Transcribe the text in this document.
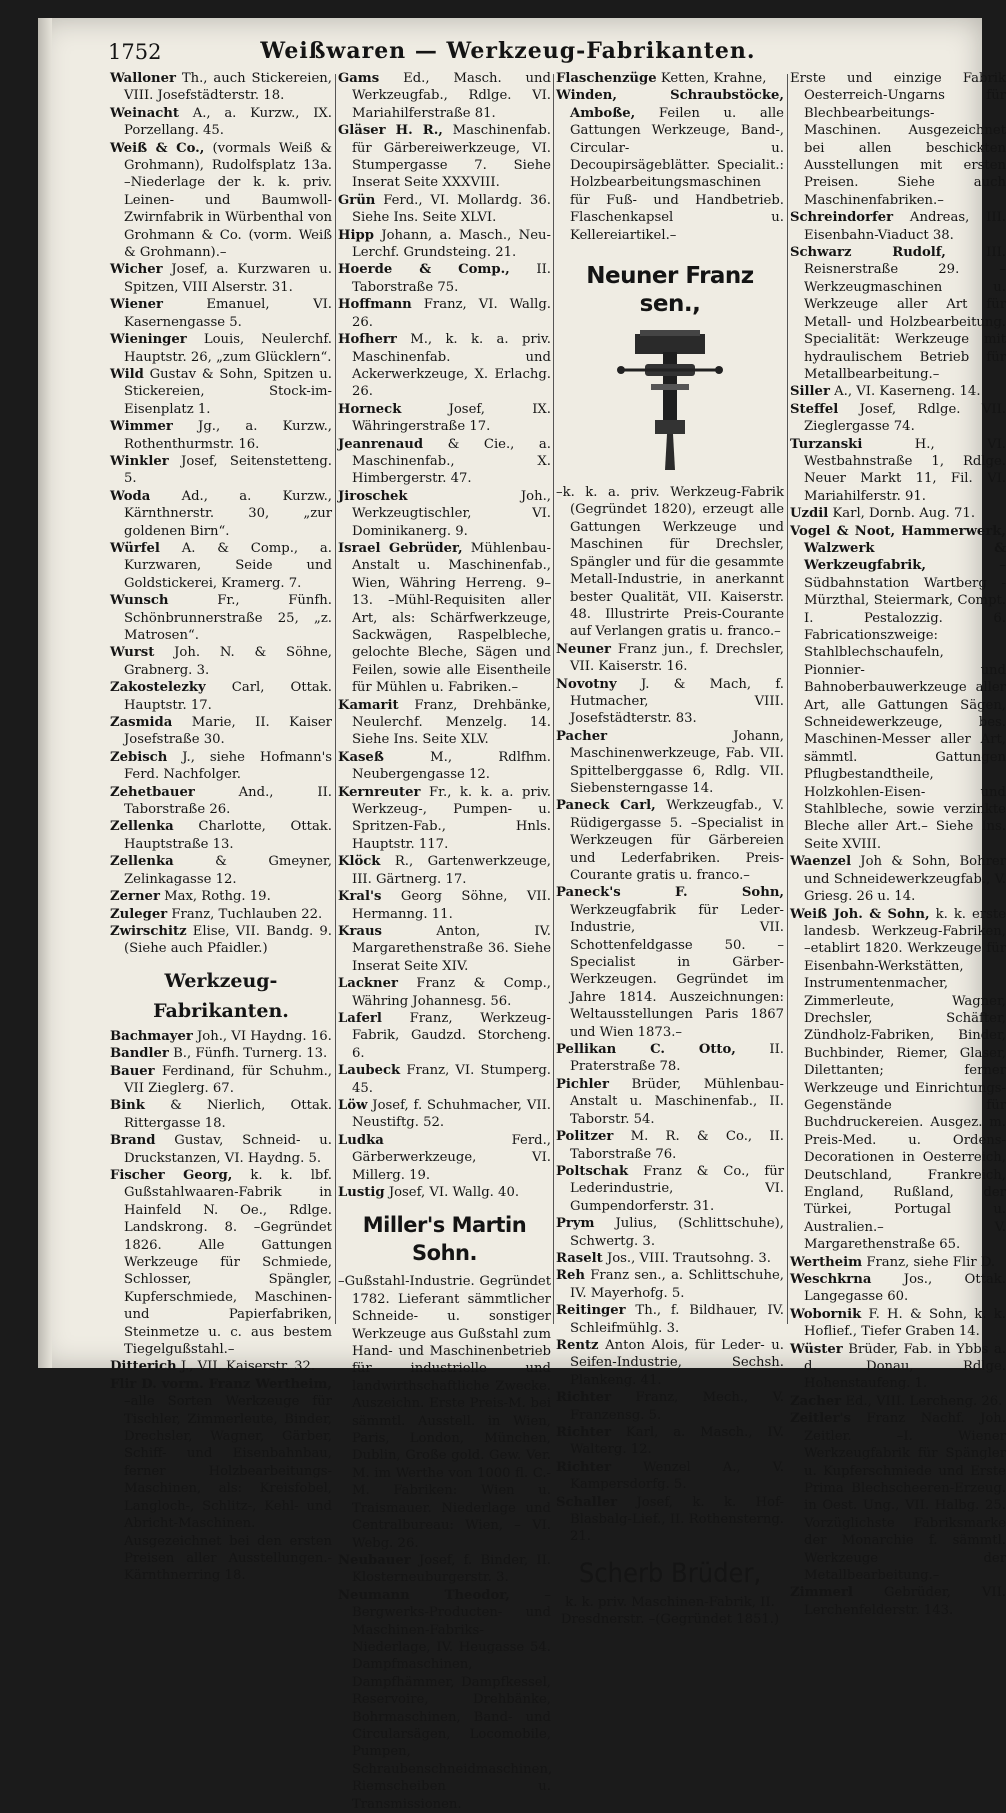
1752	Weißwaren — Werkzeug-Fabrikanten.

Walloner Th., auch Stickereien, VIII. Josefstädterstr. 18.

Weinacht A., a. Kurzw., IX. Porzellang. 45.

Weiß & Co., (vormals Weiß & Grohmann), Rudolfsplatz 13a. –Niederlage der k. k. priv. Leinen- und Baumwoll-Zwirnfabrik in Würbenthal von Grohmann & Co. (vorm. Weiß & Grohmann).–

Wicher Josef, a. Kurzwaren u. Spitzen, VIII Alserstr. 31.

Wiener	Emanuel, VI. Kasernengasse 5.

Wieninger Louis, Neulerchf. Hauptstr. 26, „zum Glücklern“.

Wild Gustav & Sohn, Spitzen u. Stickereien, Stock-im-Eisenplatz 1.

Wimmer Jg., a. Kurzw., Rothenthurmstr. 16.

Winkler Josef, Seitenstetteng. 5.

Woda Ad., a. Kurzw., Kärnthnerstr. 30, „zur goldenen Birn“.

Würfel A. & Comp., a. Kurzwaren, Seide und Goldstickerei, Kramerg. 7.

Wunsch	Fr., Fünfh. Schönbrunnerstraße 25, „z. Matrosen“.

Wurst Joh. N. & Söhne, Grabnerg. 3.

Zakostelezky Carl, Ottak. Hauptstr. 17.

Zasmida Marie, II. Kaiser Josefstraße 30.

Zebisch J., siehe Hofmann's Ferd. Nachfolger.

Zehetbauer	And., II. Taborstraße 26.

Zellenka Charlotte, Ottak. Hauptstraße 13.

Zellenka	& Gmeyner, Zelinkagasse 12.

Zerner Max, Rothg. 19.

Zuleger Franz, Tuchlauben 22.

Zwirschitz Elise, VII. Bandg. 9. (Siehe auch Pfaidler.)

Werkzeug-
Fabrikanten.

Bachmayer Joh., VI Haydng. 16.

Bandler B., Fünfh. Turnerg. 13.

Bauer Ferdinand, für Schuhm., VII Zieglerg. 67.

Bink & Nierlich, Ottak. Rittergasse 18.

Brand Gustav, Schneid- u. Druckstanzen, VI. Haydng. 5.

Fischer Georg, k. k. lbf. Gußstahlwaaren-Fabrik in Hainfeld N. Oe., Rdlge. Landskrong. 8. –Gegründet 1826. Alle Gattungen Werkzeuge für Schmiede, Schlosser, Spängler, Kupferschmiede, Maschinen- und Papierfabriken, Steinmetze u. c. aus bestem Tiegelgußstahl.–

Ditterich J., VII. Kaiserstr. 32.

Flir D. vorm. Franz Wertheim, –alle Sorten Werkzeuge für Tischler, Zimmerleute, Binder, Drechsler, Wagner, Gärber, Schiff- und Eisenbahnbau, ferner Holzbearbeitungs-Maschinen, als: Kreisfobel, Langloch-, Schlitz-, Kehl- und Abricht-Maschinen. Ausgezeichnet bei den ersten Preisen aller Ausstellungen.-Kärnthnerring 18.

Gams Ed., Masch. und Werkzeugfab., Rdlge. VI. Mariahilferstraße 81.

Gläser H. R., Maschinenfab. für Gärbereiwerkzeuge, VI. Stumpergasse 7. Siehe Inserat Seite XXXVIII.

Grün Ferd., VI. Mollardg. 36. Siehe Ins. Seite XLVI.

Hipp Johann, a. Masch., Neu-Lerchf. Grundsteing. 21.

Hoerde & Comp., II. Taborstraße 75.

Hoffmann Franz, VI. Wallg. 26.

Hofherr M., k. k. a. priv. Maschinenfab. und Ackerwerkzeuge, X. Erlachg. 26.

Horneck	Josef, IX. Währingerstraße 17.

Jeanrenaud & Cie., a. Maschinenfab., X. Himbergerstr. 47.

Jiroschek	Joh., Werkzeugtischler, VI. Dominikanerg. 9.

Israel Gebrüder, Mühlenbau-Anstalt u. Maschinenfab., Wien, Währing Herreng. 9–13. –Mühl-Requisiten aller Art, als: Schärfwerkzeuge, Sackwägen, Raspelbleche, gelochte Bleche, Sägen und Feilen, sowie alle Eisentheile für Mühlen u. Fabriken.–

Kamarit Franz, Drehbänke, Neulerchf. Menzelg. 14. Siehe Ins. Seite XLV.

Kaseß	M., Rdlfhm. Neubergengasse 12.

Kernreuter Fr., k. k. a. priv. Werkzeug-, Pumpen- u. Spritzen-Fab., Hnls. Hauptstr. 117.

Klöck R., Gartenwerkzeuge, III. Gärtnerg. 17.

Kral's Georg Söhne, VII. Hermanng. 11.

Kraus	Anton, IV. Margarethenstraße 36. Siehe Inserat Seite XIV.

Lackner Franz & Comp., Währing Johannesg. 56.

Laferl Franz, Werkzeug-Fabrik, Gaudzd. Storcheng. 6.

Laubeck Franz, VI. Stumperg. 45.

Löw Josef, f. Schuhmacher, VII. Neustiftg. 52.

Ludka	Ferd., Gärberwerkzeuge, VI. Millerg. 19.

Lustig Josef, VI. Wallg. 40.

Miller's Martin Sohn.

–Gußstahl-Industrie. Gegründet 1782. Lieferant sämmtlicher Schneide- u. sonstiger Werkzeuge aus Gußstahl zum Hand- und Maschinenbetrieb für industrielle und landwirthschaftliche Zwecke. Auszeichn. Erste Preis-M. bei sämmtl. Ausstell. in Wien, Paris, London, München, Dublin, Große gold. Gew. Ver. M. im Werthe von 1000 fl. C.-M. Fabriken: Wien u. Traismauer. Niederlage und Centralbureau: Wien, – VI. Webg. 26.

Neubauer Josef, f. Binder, II. Klosterneuburgerstr. 3.

Neumann Theodor,	–Bergwerks-Producten- und Maschinen-Fabriks-Niederlage, IV. Heugasse 54. Dampfmaschinen, Dampfhämmer, Dampfkessel, Reservoire, Drehbänke, Bohrmaschinen, Band- und Circularsägen, Locomobile, Pumpen, Schraubenschneidmaschinen, Riemscheiben u. Transmissionen.

Flaschenzüge Ketten, Krahne,

Winden, Schraubstöcke, Amboße, Feilen u. alle Gattungen Werkzeuge, Band-, Circular- u. Decoupirsägeblätter. Specialit.: Holzbearbeitungsmaschinen für Fuß- und Handbetrieb. Flaschenkapsel u. Kellereiartikel.–

Neuner Franz sen.,

–k. k. a. priv. Werkzeug-Fabrik (Gegründet 1820), erzeugt alle Gattungen Werkzeuge und Maschinen für Drechsler, Spängler und für die gesammte Metall-Industrie, in anerkannt bester Qualität, VII. Kaiserstr. 48. Illustrirte Preis-Courante auf Verlangen gratis u. franco.–

Neuner Franz jun., f. Drechsler, VII. Kaiserstr. 16.

Novotny J. & Mach, f. Hutmacher, VIII. Josefstädterstr. 83.

Pacher	Johann, Maschinenwerkzeuge, Fab. VII. Spittelberggasse 6, Rdlg. VII. Siebensterngasse 14.

Paneck Carl, Werkzeugfab., V. Rüdigergasse 5. –Specialist in Werkzeugen für Gärbereien und Lederfabriken. Preis-Courante gratis u. franco.–

Paneck's F. Sohn, Werkzeugfabrik für Leder-Industrie, VII. Schottenfeldgasse 50. –Specialist in Gärber-Werkzeugen. Gegründet im Jahre 1814. Auszeichnungen: Weltausstellungen Paris 1867 und Wien 1873.–

Pellikan C. Otto,	II. Praterstraße 78.

Pichler Brüder, Mühlenbau-Anstalt u. Maschinenfab., II. Taborstr. 54.

Politzer M. R. & Co., II. Taborstraße 76.

Poltschak Franz & Co., für Lederindustrie, VI. Gumpendorferstr. 31.

Prym Julius, (Schlittschuhe), Schwertg. 3.

Raselt Jos., VIII. Trautsohng. 3.

Reh Franz sen., a. Schlittschuhe, IV. Mayerhofg. 5.

Reitinger Th., f. Bildhauer, IV. Schleifmühlg. 3.

Rentz Anton Alois, für Leder- u. Seifen-Industrie, Sechsh. Plankeng. 41.

Richter Franz, Mech., V. Franzensg. 5.

Richter Karl, a. Masch., IV. Walterg. 12.

Richter Wenzel A., V. Kampersdorfg. 5.

Schaller Josef, k. k. Hof-Blasbalg-Lief., II. Rothensterng. 21.

Scherb Brüder,

k. k. priv. Maschinen-Fabrik, II. Dresdnerstr. –(Gegründet 1851.)

Erste und einzige Fabrik Oesterreich-Ungarns für Blechbearbeitungs-Maschinen. Ausgezeichnet bei allen beschickten Ausstellungen mit ersten Preisen. Siehe auch Maschinenfabriken.–

Schreindorfer Andreas, III. Eisenbahn-Viaduct 38.

Schwarz Rudolf,	III. Reisnerstraße 29. –Werkzeugmaschinen u. Werkzeuge aller Art für Metall- und Holzbearbeitung. Specialität: Werkzeuge mit hydraulischem Betrieb für Metallbearbeitung.–

Siller A., VI. Kaserneng. 14.

Steffel Josef, Rdlge. VII. Zieglergasse 74.

Turzanski	H., VI. Westbahnstraße 1, Rdlge. Neuer Markt 11, Fil. VI. Mariahilferstr. 91.

Uzdil Karl, Dornb. Aug. 71.

Vogel & Noot, Hammerwerk, Walzwerk & Werkzeugfabrik,	–Südbahnstation Wartberg - Mürzthal, Steiermark, Compt. I. Pestalozzig. 6. Fabricationszweige: Stahlblechschaufeln, Pionnier- und Bahnoberbauwerkzeuge aller Art, alle Gattungen Sägen, Schneidewerkzeuge, bes. Maschinen-Messer aller Art, sämmtl. Gattungen Pflugbestandtheile, Holzkohlen-Eisen- und Stahlbleche, sowie verzinkte Bleche aller Art.– Siehe Ins. Seite XVIII.

Waenzel Joh & Sohn, Bohrer und Schneidewerkzeugfab., V. Griesg. 26 u. 14.

Weiß Joh. & Sohn, k. k. erste landesb. Werkzeug-Fabriken, –etablirt 1820. Werkzeuge für Eisenbahn-Werkstätten, Instrumentenmacher, Zimmerleute, Wagner, Drechsler, Schäfter, Zündholz-Fabriken, Binder, Buchbinder, Riemer, Glaser, Dilettanten; ferner Werkzeuge und Einrichtungs-Gegenstände für Buchdruckereien. Ausgez. m. Preis-Med. u. Ordens-Decorationen in Oesterreich, Deutschland, Frankreich, England, Rußland, der Türkei, Portugal u. Australien.– V. Margarethenstraße 65.

Wertheim Franz, siehe Flir D.

Weschkrna Jos., Ottak. Langegasse 60.

Wobornik F. H. & Sohn, k. k. Hoflief., Tiefer Graben 14.

Wüster Brüder, Fab. in Ybbs a. d. Donau, Rdlge. Hohenstaufeng. 1.

Zacher Ed., VIII. Lercheng. 26.

Zeitler's Franz Nachf. Joh. Zeitler. –I. Wiener Werkzeugfabrik für Spängler u. Kupferschmiede und Erste Prima Blechscheeren-Erzeug. in Oest. Ung., VII. Halbg. 25. Vorzüglichste Fabriksmarke der Monarchie f. sämmtl. Werkzeuge der Metallbearbeitung.–

Zimmerl Gebrüder, VII. Lerchenfelderstr. 143.
